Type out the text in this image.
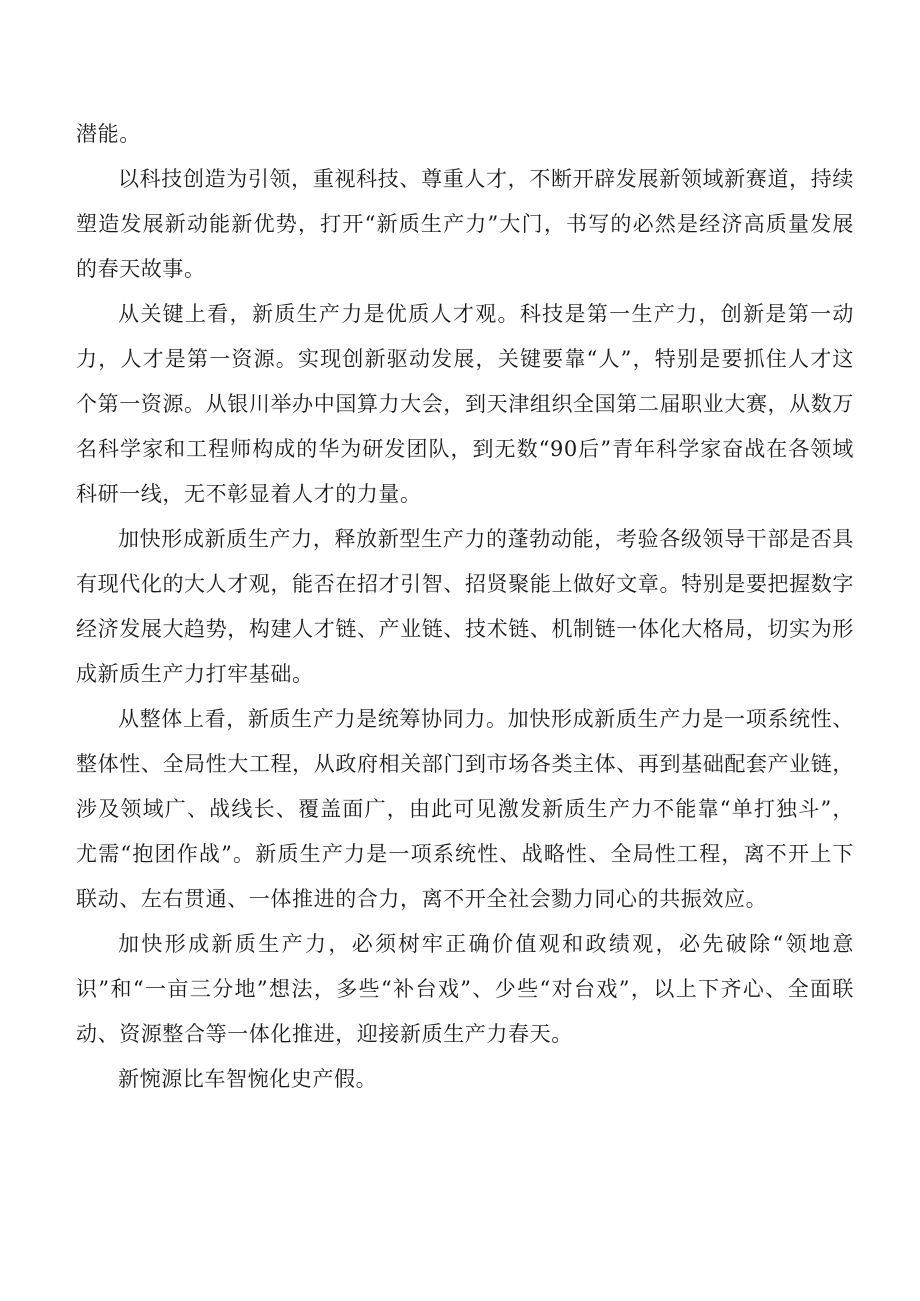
潜能。

以科技创造为引领，重视科技、尊重人才，不断开辟发展新领域新赛道，持续塑造发展新动能新优势，打开“新质生产力”大门，书写的必然是经济高质量发展的春天故事。

从关键上看，新质生产力是优质人才观。科技是第一生产力，创新是第一动力，人才是第一资源。实现创新驱动发展，关键要靠“人”，特别是要抓住人才这个第一资源。从银川举办中国算力大会，到天津组织全国第二届职业大赛，从数万名科学家和工程师构成的华为研发团队，到无数“90后”青年科学家奋战在各领域科研一线，无不彰显着人才的力量。

加快形成新质生产力，释放新型生产力的蓬勃动能，考验各级领导干部是否具有现代化的大人才观，能否在招才引智、招贤聚能上做好文章。特别是要把握数字经济发展大趋势，构建人才链、产业链、技术链、机制链一体化大格局，切实为形成新质生产力打牢基础。

从整体上看，新质生产力是统筹协同力。加快形成新质生产力是一项系统性、整体性、全局性大工程，从政府相关部门到市场各类主体、再到基础配套产业链，涉及领域广、战线长、覆盖面广，由此可见激发新质生产力不能靠“单打独斗”，尤需“抱团作战”。新质生产力是一项系统性、战略性、全局性工程，离不开上下联动、左右贯通、一体推进的合力，离不开全社会勠力同心的共振效应。

加快形成新质生产力，必须树牢正确价值观和政绩观，必先破除“领地意识”和“一亩三分地”想法，多些“补台戏”、少些“对台戏”，以上下齐心、全面联动、资源整合等一体化推进，迎接新质生产力春天。

新惋源比车智惋化史产假。
